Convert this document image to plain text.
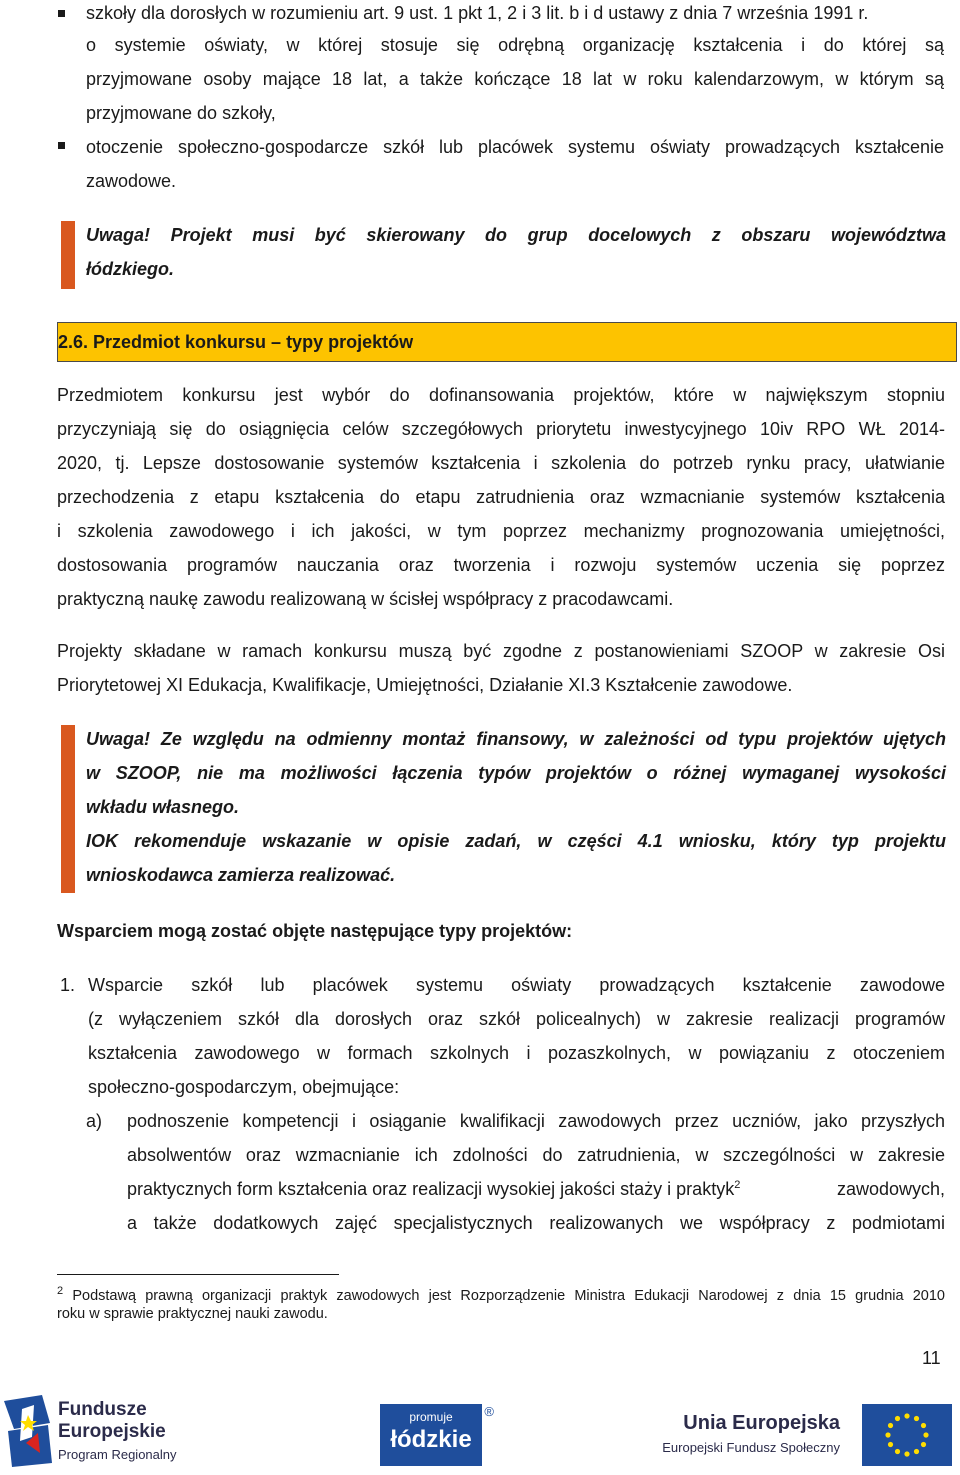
szkoły dla dorosłych w rozumieniu art. 9 ust. 1 pkt 1, 2 i 3 lit. b i d ustawy z dnia 7 września 1991 r.
o systemie oświaty, w której stosuje się odrębną organizację kształcenia i do której są
przyjmowane osoby mające 18 lat, a także kończące 18 lat w roku kalendarzowym, w którym są
przyjmowane do szkoły,
otoczenie społeczno-gospodarcze szkół lub placówek systemu oświaty prowadzących kształcenie
zawodowe.
Uwaga! Projekt musi być skierowany do grup docelowych z obszaru województwa
łódzkiego.
2.6. Przedmiot konkursu – typy projektów
Przedmiotem konkursu jest wybór do dofinansowania projektów, które w największym stopniu
przyczyniają się do osiągnięcia celów szczegółowych priorytetu inwestycyjnego 10iv RPO WŁ 2014-
2020, tj. Lepsze dostosowanie systemów kształcenia i szkolenia do potrzeb rynku pracy, ułatwianie
przechodzenia z etapu kształcenia do etapu zatrudnienia oraz wzmacnianie systemów kształcenia
i szkolenia zawodowego i ich jakości, w tym poprzez mechanizmy prognozowania umiejętności,
dostosowania programów nauczania oraz tworzenia i rozwoju systemów uczenia się poprzez
praktyczną naukę zawodu realizowaną w ścisłej współpracy z pracodawcami.
Projekty składane w ramach konkursu muszą być zgodne z postanowieniami SZOOP w zakresie Osi
Priorytetowej XI Edukacja, Kwalifikacje, Umiejętności, Działanie XI.3 Kształcenie zawodowe.
Uwaga! Ze względu na odmienny montaż finansowy, w zależności od typu projektów ujętych
w SZOOP, nie ma możliwości łączenia typów projektów o różnej wymaganej wysokości
wkładu własnego.
IOK rekomenduje wskazanie w opisie zadań, w części 4.1 wniosku, który typ projektu
wnioskodawca zamierza realizować.
Wsparciem mogą zostać objęte następujące typy projektów:
1. Wsparcie szkół lub placówek systemu oświaty prowadzących kształcenie zawodowe
(z wyłączeniem szkół dla dorosłych oraz szkół policealnych) w zakresie realizacji programów
kształcenia zawodowego w formach szkolnych i pozaszkolnych, w powiązaniu z otoczeniem
społeczno-gospodarczym, obejmujące:
a) podnoszenie kompetencji i osiąganie kwalifikacji zawodowych przez uczniów, jako przyszłych
absolwentów oraz wzmacnianie ich zdolności do zatrudnienia, w szczególności w zakresie
praktycznych form kształcenia oraz realizacji wysokiej jakości staży i praktyk$^2$	zawodowych,
a także dodatkowych zajęć specjalistycznych realizowanych we współpracy z podmiotami
$^2$ Podstawą prawną organizacji praktyk zawodowych jest Rozporządzenie Ministra Edukacji Narodowej z dnia 15 grudnia 2010
roku w sprawie praktycznej nauki zawodu.
11
Fundusze
Europejskie
Program Regionalny
promuje
łódzkie
®
Unia Europejska
Europejski Fundusz Społeczny
